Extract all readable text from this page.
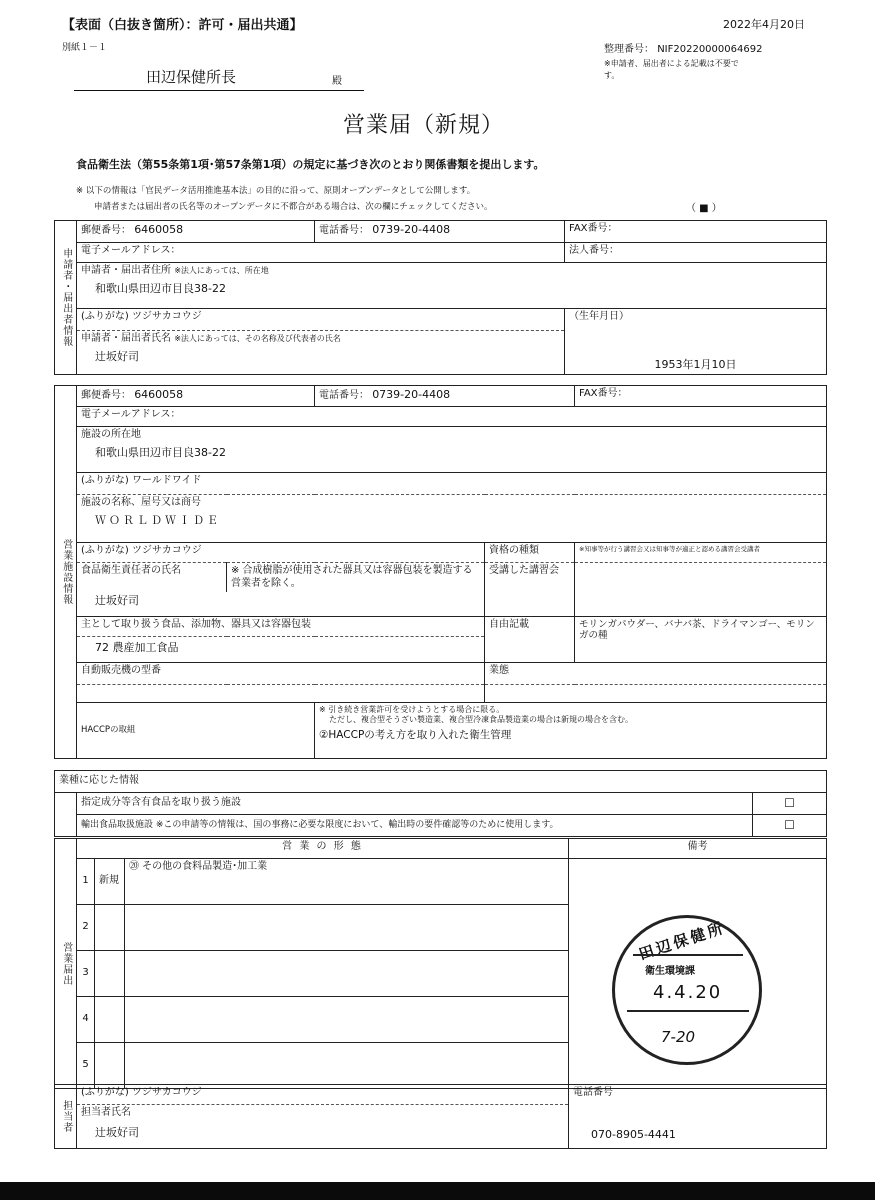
【表面（白抜き箇所）：許可・届出共通】	2022年4月20日
別紙１－１	整理番号： NIF20220000064692
※申請者、届出者による記載は不要で
す。
田辺保健所長	殿
営業届（新規）
食品衛生法（第55条第1項･第57条第1項）の規定に基づき次のとおり関係書類を提出します。
※ 以下の情報は「官民データ活用推進基本法」の目的に沿って、原則オープンデータとして公開します。
申請者または届出者の氏名等のオープンデータに不都合がある場合は、次の欄にチェックしてください。	（ ■ ）
申請者・届出者情報	郵便番号： 6460058	電話番号： 0739-20-4408	FAX番号：
	電子メールアドレス：		法人番号：
	申請者・届出者住所 ※法人にあっては、所在地
和歌山県田辺市目良38-22		

	(ふりがな) ツジサカコウジ		（生年月日）
	申請者・届出者氏名 ※法人にあっては、その名称及び代表者の氏名
辻坂好司		1953年1月10日
営業施設情報	郵便番号： 6460058		電話番号： 0739-20-4408		FAX番号：
	電子メールアドレス：				
	施設の所在地
和歌山県田辺市目良38-22				

	(ふりがな) ワールドワイド				
	施設の名称、屋号又は商号
ＷＯＲＬＤＷＩＤＥ				

	(ふりがな) ツジサカコウジ			資格の種類	※知事等が行う講習会又は知事等が適正と認める講習会受講者
	食品衛生責任者の氏名	※ 合成樹脂が使用された器具又は容器包装を製造する営業者を除く。		受講した講習会	

	辻坂好司				

	主として取り扱う食品、添加物、器具又は容器包装			自由記載	モリンガパウダー、バナバ茶、ドライマンゴー、モリンガの種

	72 農産加工食品				

	自動販売機の型番			業態	

	HACCPの取組		※ 引き続き営業許可を受けようとする場合に限る。
ただし、複合型そうざい製造業、複合型冷凍食品製造業の場合は新規の場合を含む。
②HACCPの考え方を取り入れた衛生管理		
業種に応じた情報		
	指定成分等含有食品を取り扱う施設	☐
	輸出食品取扱施設 ※この申請等の情報は、国の事務に必要な限度において、輸出時の要件確認等のために使用します。	☐
営業届出	営 業 の 形 態			備考
	1	新規	⑳ その他の食料品製造･加工業	
	2			
	3			
	4			
	5			
担当者	(ふりがな) ツジサカコウジ	電話番号
	担当者氏名
辻坂好司	070-8905-4441
田辺保健所
衛生環境課
4.4.20
7-20
